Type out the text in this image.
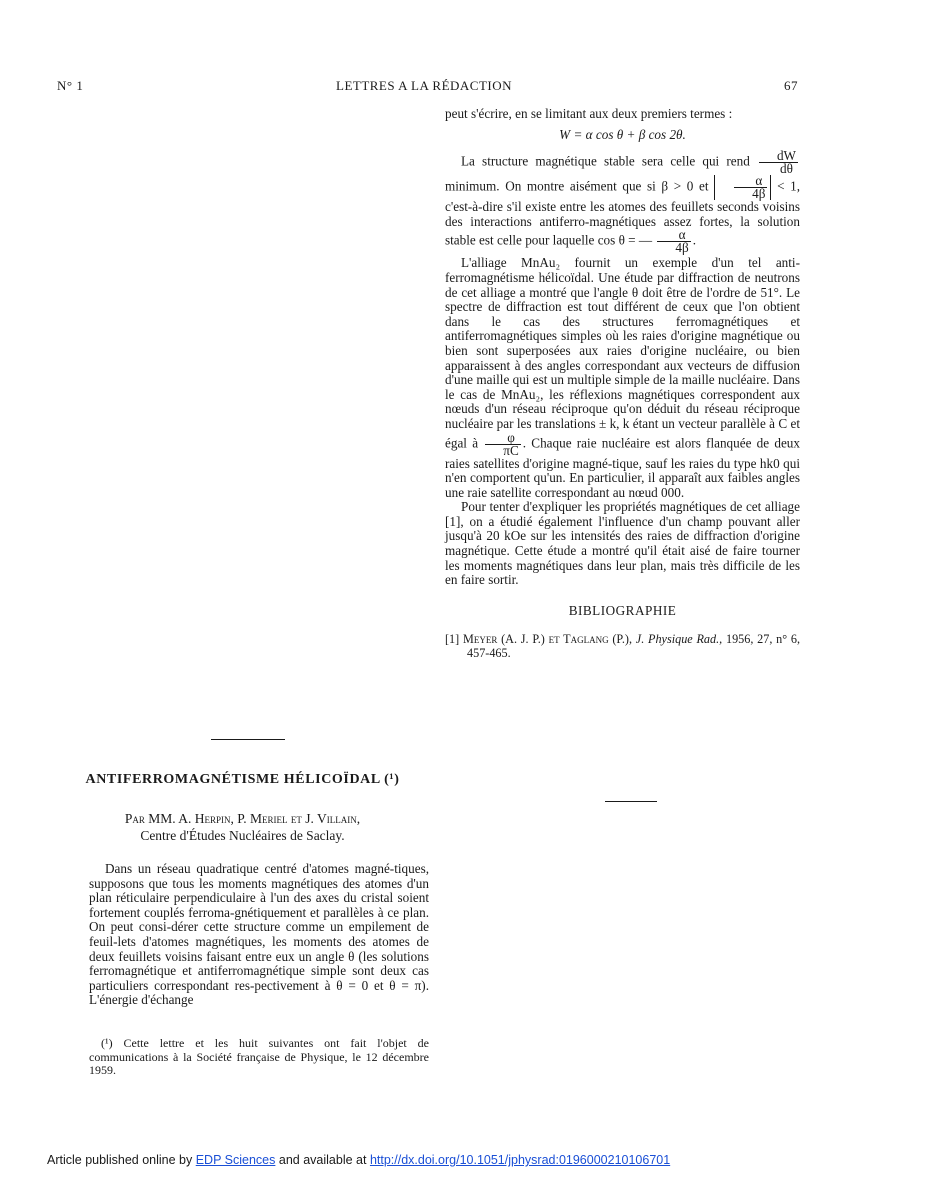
N° 1	LETTRES A LA RÉDACTION	67

peut s'écrire, en se limitant aux deux premiers termes :

W = α cos θ + β cos 2θ.

La structure magnétique stable sera celle qui rend $\frac{dW}{d\theta}$
minimum. On montre aisément que si β > 0 et $\frac{\alpha}{4\beta} < 1$, c'est-à-dire s'il existe entre les atomes des feuillets seconds voisins des interactions antiferro-magnétiques assez fortes, la solution stable est celle pour laquelle cos θ = — $\frac{\alpha}{4\beta}$ .

L'alliage MnAu₂ fournit un exemple d'un tel anti-ferromagnétisme hélicoïdal. Une étude par diffraction de neutrons de cet alliage a montré que l'angle θ doit être de l'ordre de 51°. Le spectre de diffraction est tout différent de ceux que l'on obtient dans le cas des structures ferromagnétiques et antiferromagnétiques simples où les raies d'origine magnétique ou bien sont superposées aux raies d'origine nucléaire, ou bien apparaissent à des angles correspondant aux vecteurs de diffusion d'une maille qui est un multiple simple de la maille nucléaire. Dans le cas de MnAu₂, les réflexions magnétiques correspondent aux nœuds d'un réseau réciproque qu'on déduit du réseau réciproque nucléaire par les translations ± k, k étant un vecteur parallèle à C et égal à $\frac{\varphi}{\pi C}$ . Chaque raie nucléaire est alors flanquée de deux raies satellites d'origine magné-tique, sauf les raies du type hk0 qui n'en comportent qu'un. En particulier, il apparaît aux faibles angles une raie satellite correspondant au nœud 000.

Pour tenter d'expliquer les propriétés magnétiques de cet alliage [1], on a étudié également l'influence d'un champ pouvant aller jusqu'à 20 kOe sur les intensités des raies de diffraction d'origine magnétique. Cette étude a montré qu'il était aisé de faire tourner les moments magnétiques dans leur plan, mais très difficile de les en faire sortir.

BIBLIOGRAPHIE

[1] Meyer (A. J. P.) et Taglang (P.), J. Physique Rad., 1956, 27, n° 6, 457-465.
ANTIFERROMAGNÉTISME HÉLICOÏDAL (¹)
Par MM. A. Herpin, P. Meriel et J. Villain,
Centre d'Études Nucléaires de Saclay.

Dans un réseau quadratique centré d'atomes magné-tiques, supposons que tous les moments magnétiques des atomes d'un plan réticulaire perpendiculaire à l'un des axes du cristal soient fortement couplés ferroma-gnétiquement et parallèles à ce plan. On peut consi-dérer cette structure comme un empilement de feuil-lets d'atomes magnétiques, les moments des atomes de deux feuillets voisins faisant entre eux un angle θ (les solutions ferromagnétique et antiferromagnétique simple sont deux cas particuliers correspondant res-pectivement à θ = 0 et θ = π). L'énergie d'échange

(¹) Cette lettre et les huit suivantes ont fait l'objet de communications à la Société française de Physique, le 12 décembre 1959.
Article published online by EDP Sciences and available at http://dx.doi.org/10.1051/jphysrad:0196000210106701
